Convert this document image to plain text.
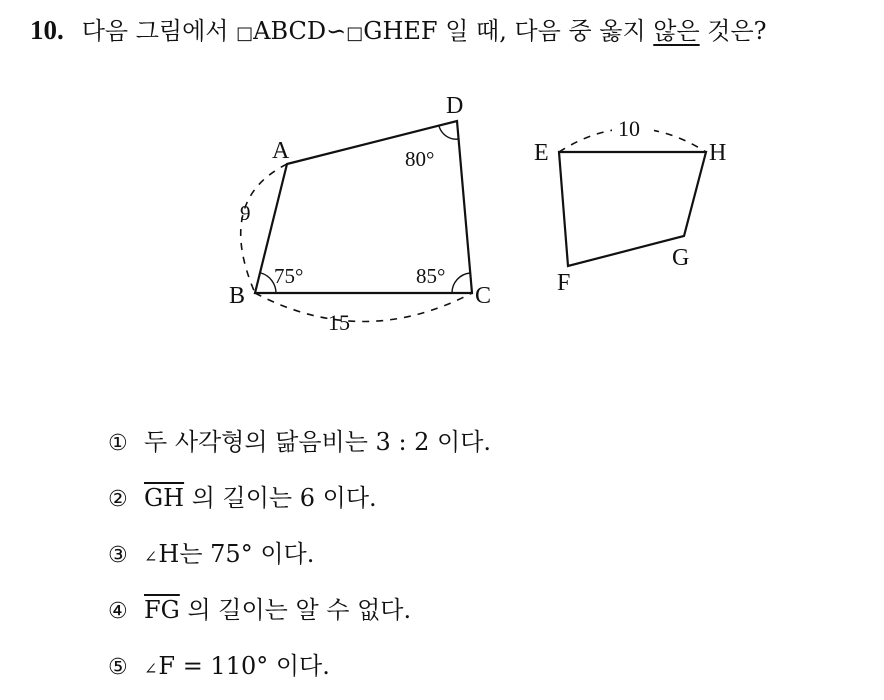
10. 다음 그림에서 □ABCD∽□GHEF 일 때, 다음 중 옳지 않은 것은?
A
B	C
D
75°	85°
80°
9
15
10
E	H
G
F
① 두 사각형의 닮음비는 3 : 2 이다.
② $\overline{GH}$ 의 길이는 6 이다.
③ ∠H는 75° 이다.
④ $\overline{FG}$ 의 길이는 알 수 없다.
⑤ ∠F = 110° 이다.
